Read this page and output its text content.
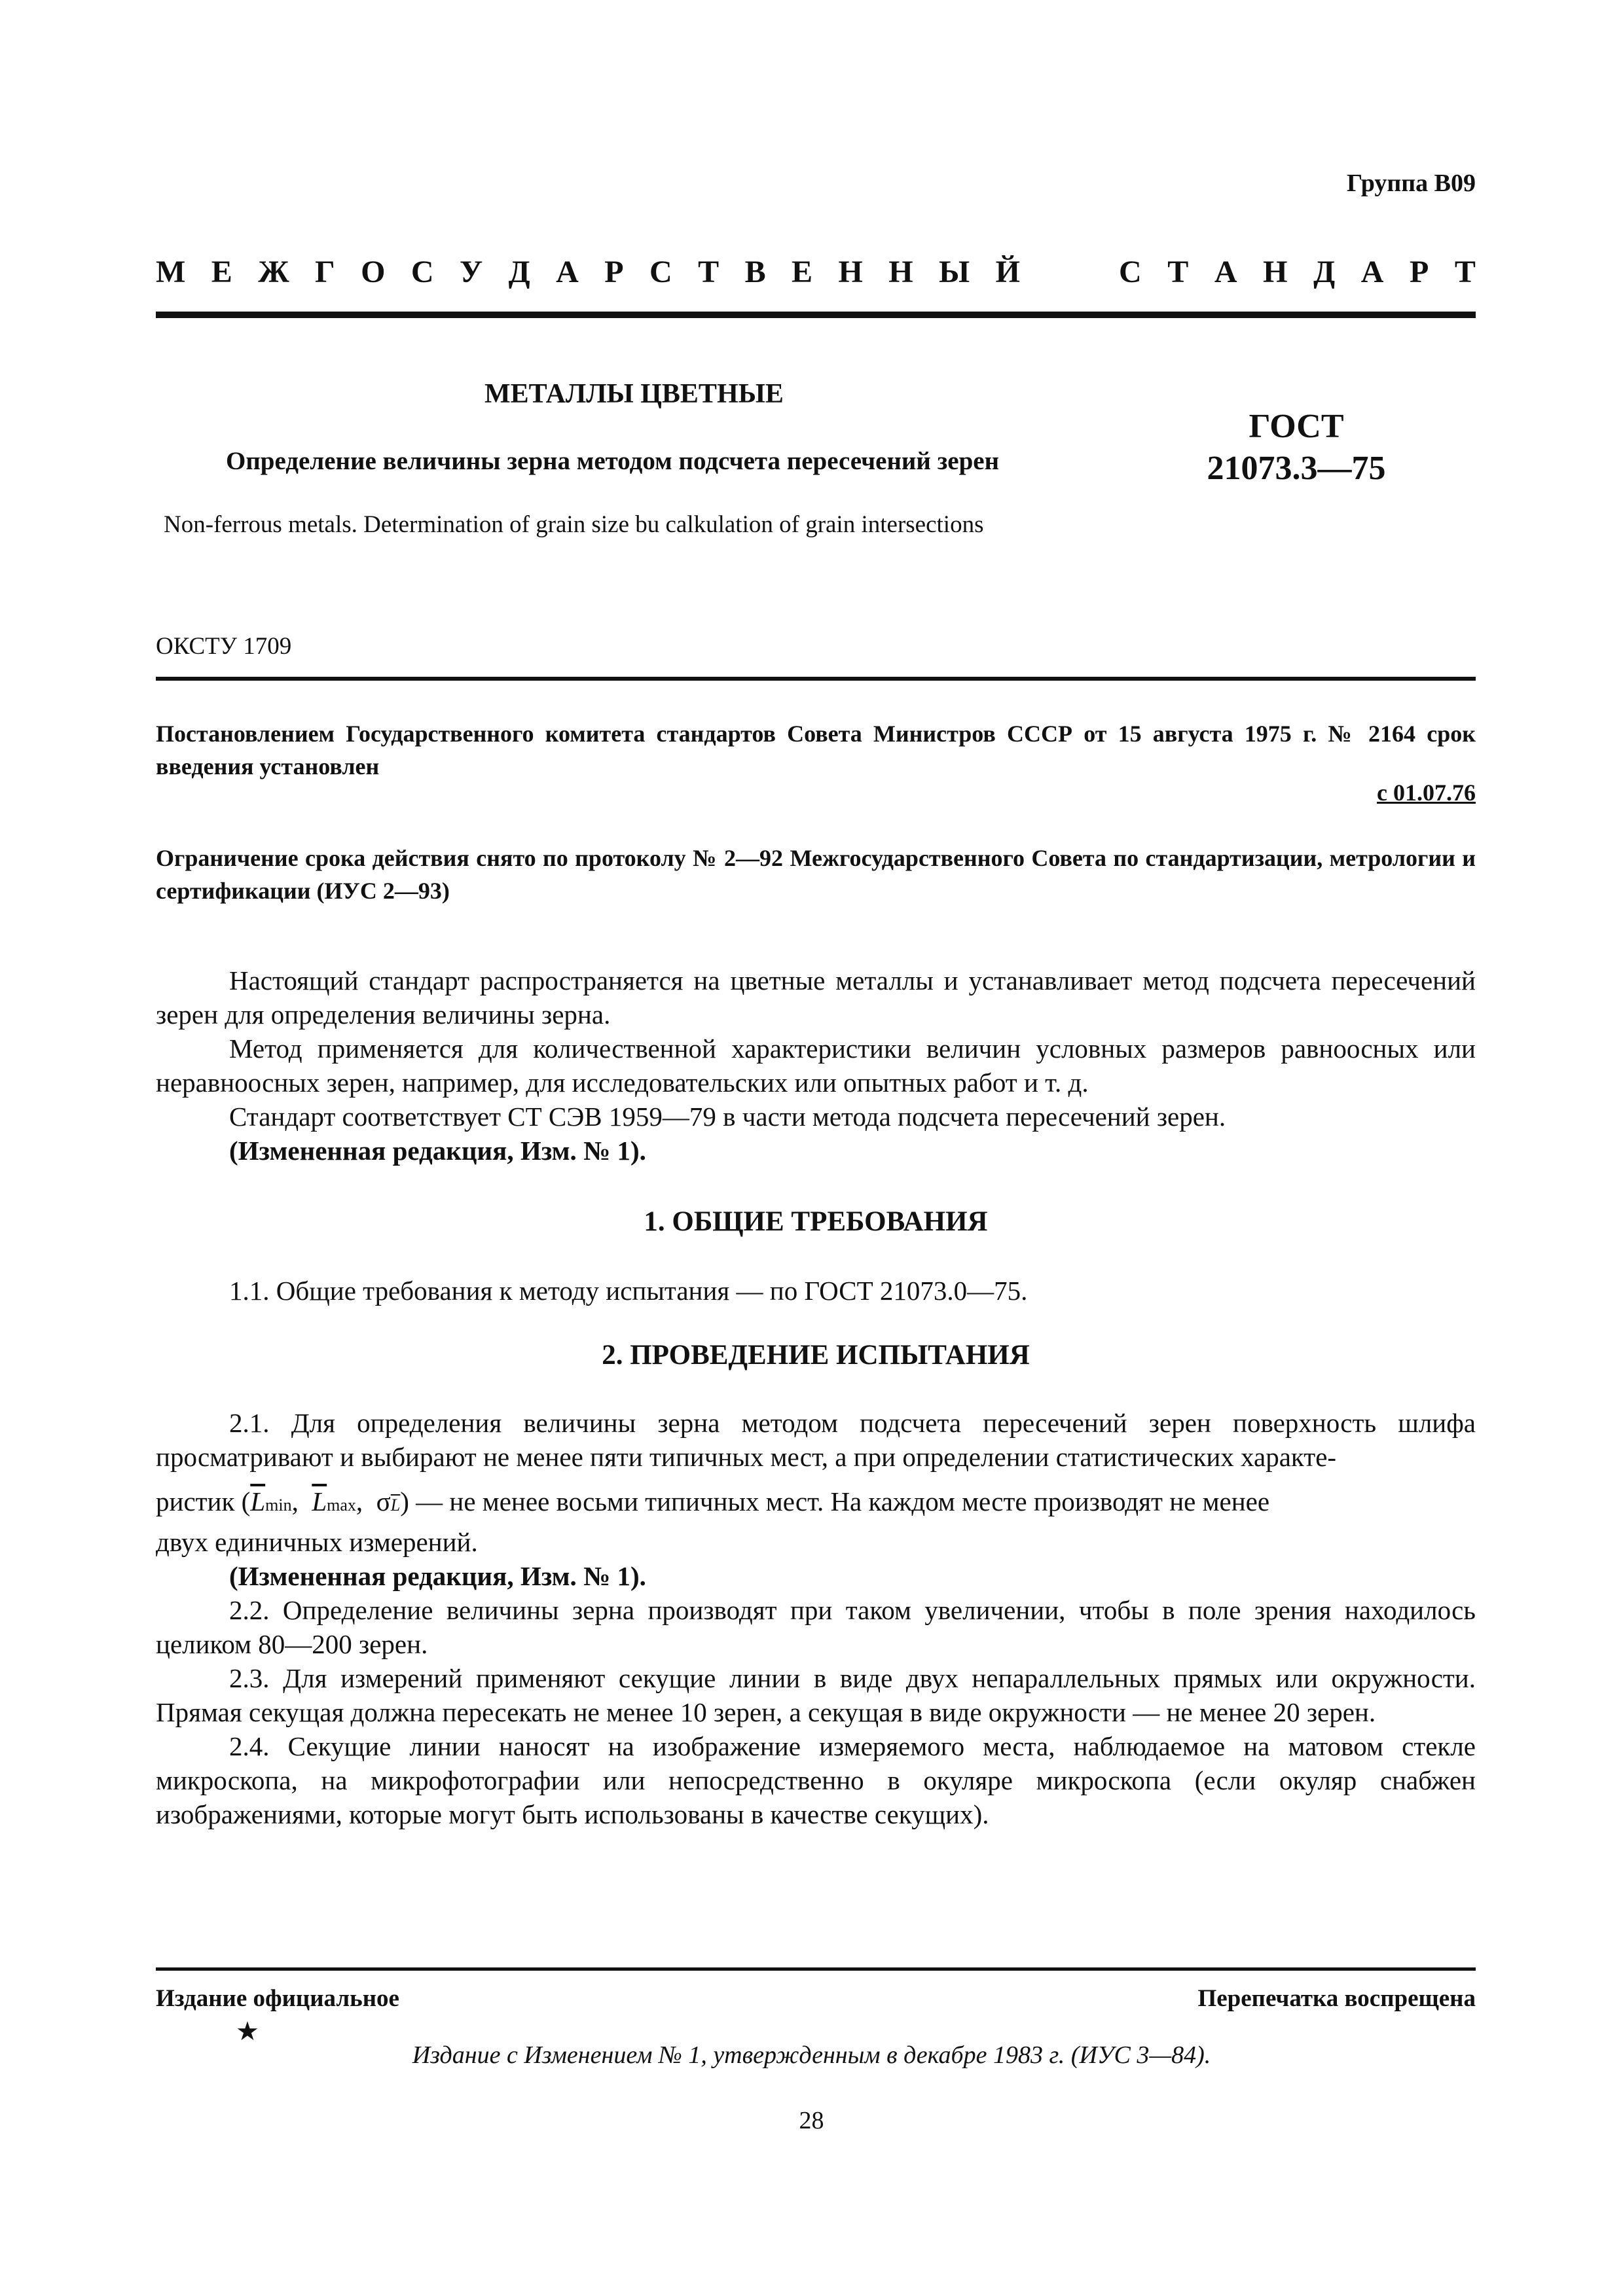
Группа В09
М Е Ж Г О С У Д А Р С Т В Е Н Н Ы Й	С Т А Н Д А Р Т
МЕТАЛЛЫ ЦВЕТНЫЕ
Определение величины зерна методом подсчета пересечений зерен
Non-ferrous metals. Determination of grain size bu calkulation of grain intersections
ГОСТ
21073.3—75
ОКСТУ 1709
Постановлением Государственного комитета стандартов Совета Министров СССР от 15 августа 1975 г. № 2164 срок введения установлен
с 01.07.76
Ограничение срока действия снято по протоколу № 2—92 Межгосударственного Совета по стандартизации, метрологии и сертификации (ИУС 2—93)

Настоящий стандарт распространяется на цветные металлы и устанавливает метод подсчета пересечений зерен для определения величины зерна.

Метод применяется для количественной характеристики величин условных размеров равноосных или неравноосных зерен, например, для исследовательских или опытных работ и т. д.

Стандарт соответствует СТ СЭВ 1959—79 в части метода подсчета пересечений зерен.

(Измененная редакция, Изм. № 1).

1. ОБЩИЕ ТРЕБОВАНИЯ

1.1. Общие требования к методу испытания — по ГОСТ 21073.0—75.

2. ПРОВЕДЕНИЕ ИСПЫТАНИЯ

2.1. Для определения величины зерна методом подсчета пересечений зерен поверхность шлифа просматривают и выбирают не менее пяти типичных мест, а при определении статистических характе-

ристик ( $\overline{L}$ min , $\overline{L}$ max , σ $\overline{L}$ ) — не менее восьми типичных мест. На каждом месте производят не менее
двух единичных измерений.

(Измененная редакция, Изм. № 1).

2.2. Определение величины зерна производят при таком увеличении, чтобы в поле зрения находилось целиком 80—200 зерен.

2.3. Для измерений применяют секущие линии в виде двух непараллельных прямых или окружности. Прямая секущая должна пересекать не менее 10 зерен, а секущая в виде окружности — не менее 20 зерен.

2.4. Секущие линии наносят на изображение измеряемого места, наблюдаемое на матовом стекле микроскопа, на микрофотографии или непосредственно в окуляре микроскопа (если окуляр снабжен изображениями, которые могут быть использованы в качестве секущих).

Издание официальное	Перепечатка воспрещена
★
Издание с Изменением № 1, утвержденным в декабре 1983 г. (ИУС 3—84).
28
